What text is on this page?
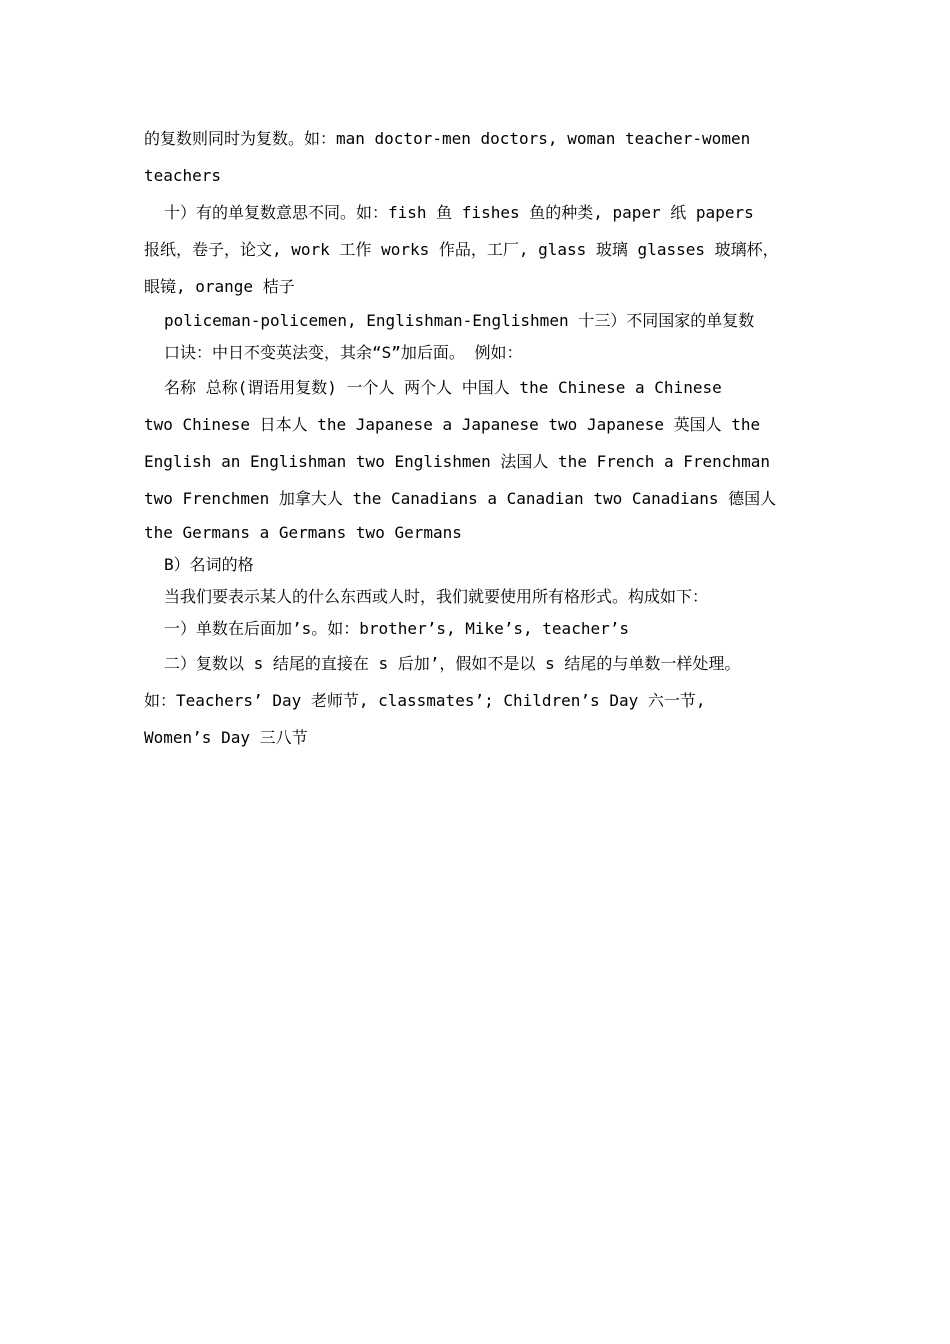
的复数则同时为复数。如：man doctor-men doctors, woman teacher-women
teachers
十）有的单复数意思不同。如：fish 鱼 fishes 鱼的种类, paper 纸 papers
报纸，卷子，论文, work 工作 works 作品，工厂, glass 玻璃 glasses 玻璃杯，
眼镜, orange 桔子
policeman-policemen, Englishman-Englishmen 十三）不同国家的单复数
口诀：中日不变英法变，其余“S”加后面。 例如：
名称 总称(谓语用复数) 一个人 两个人 中国人 the Chinese a Chinese
two Chinese 日本人 the Japanese a Japanese two Japanese 英国人 the
English an Englishman two Englishmen 法国人 the French a Frenchman
two Frenchmen 加拿大人 the Canadians a Canadian two Canadians 德国人
the Germans a Germans two Germans
B）名词的格
当我们要表示某人的什么东西或人时，我们就要使用所有格形式。构成如下：
一）单数在后面加’s。如：brother’s, Mike’s, teacher’s
二）复数以 s 结尾的直接在 s 后加’，假如不是以 s 结尾的与单数一样处理。
如：Teachers’ Day 老师节, classmates’; Children’s Day 六一节,
Women’s Day 三八节
